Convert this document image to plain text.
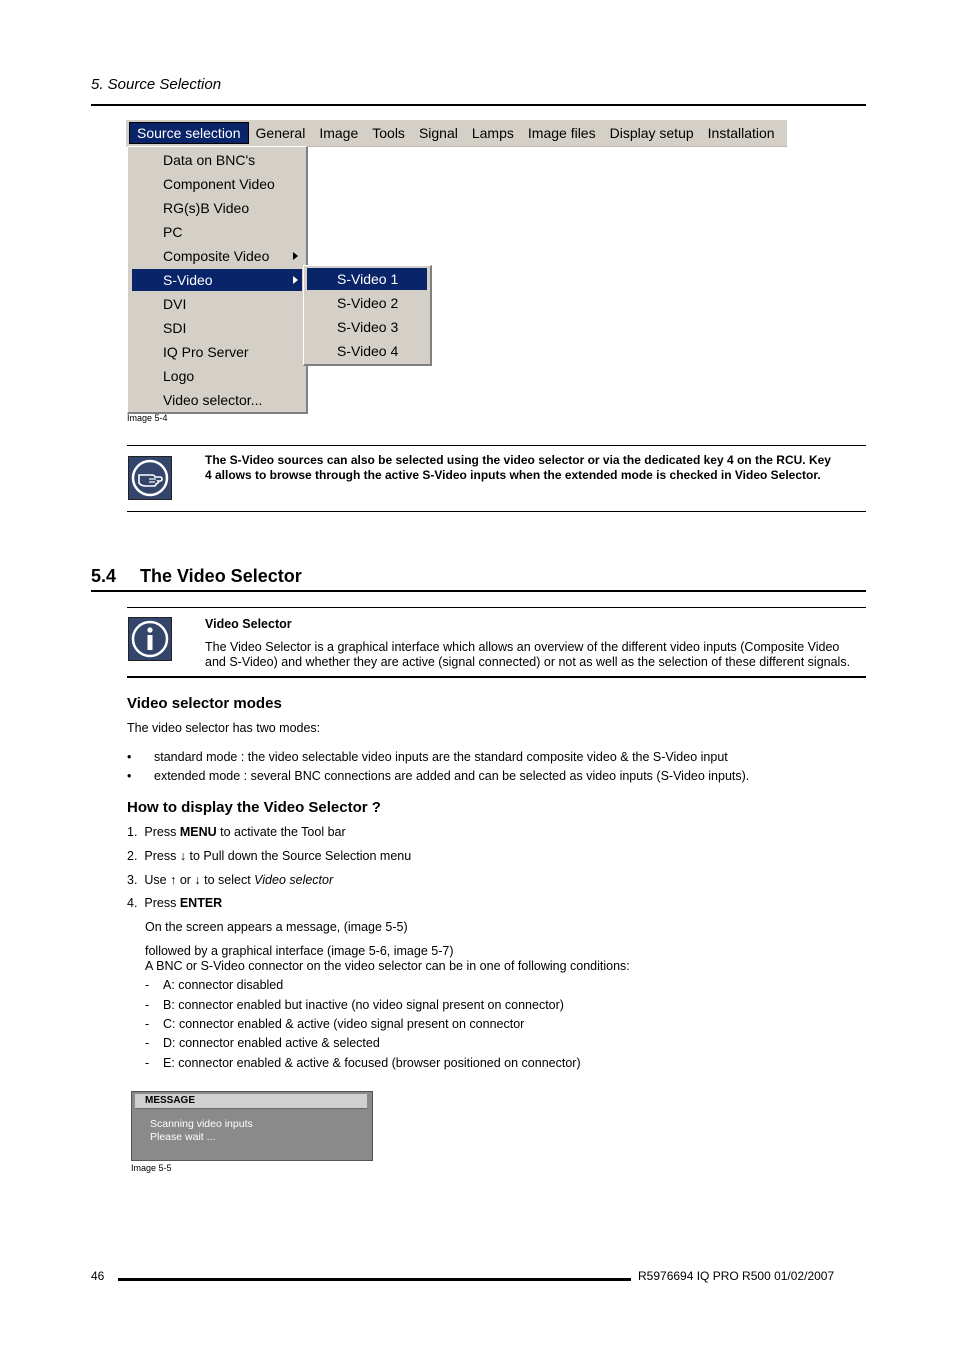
5. Source Selection
Source selection	General	Image	Tools	Signal	Lamps	Image files	Display setup	Installation
Data on BNC's
Component Video
RG(s)B Video
PC
Composite Video
S-Video
DVI
SDI
IQ Pro Server
Logo
Video selector...
S-Video 1
S-Video 2
S-Video 3
S-Video 4
Image 5-4
The S-Video sources can also be selected using the video selector or via the dedicated key 4 on the RCU. Key
4 allows to browse through the active S-Video inputs when the extended mode is checked in Video Selector.
5.4 The Video Selector
Video Selector
The Video Selector is a graphical interface which allows an overview of the different video inputs (Composite Video
and S-Video) and whether they are active (signal connected) or not as well as the selection of these different signals.
Video selector modes
The video selector has two modes:
• standard mode : the video selectable video inputs are the standard composite video & the S-Video input
• extended mode : several BNC connections are added and can be selected as video inputs (S-Video inputs).
How to display the Video Selector ?
1. Press MENU to activate the Tool bar
2. Press ↓ to Pull down the Source Selection menu
3. Use ↑ or ↓ to select Video selector
4. Press ENTER
On the screen appears a message, (image 5-5)
followed by a graphical interface (image 5-6, image 5-7)
A BNC or S-Video connector on the video selector can be in one of following conditions:
- A: connector disabled
- B: connector enabled but inactive (no video signal present on connector)
- C: connector enabled & active (video signal present on connector
- D: connector enabled active & selected
- E: connector enabled & active & focused (browser positioned on connector)
MESSAGE
Scanning video inputs
Please wait ...
Image 5-5
46	R5976694 IQ PRO R500 01/02/2007
